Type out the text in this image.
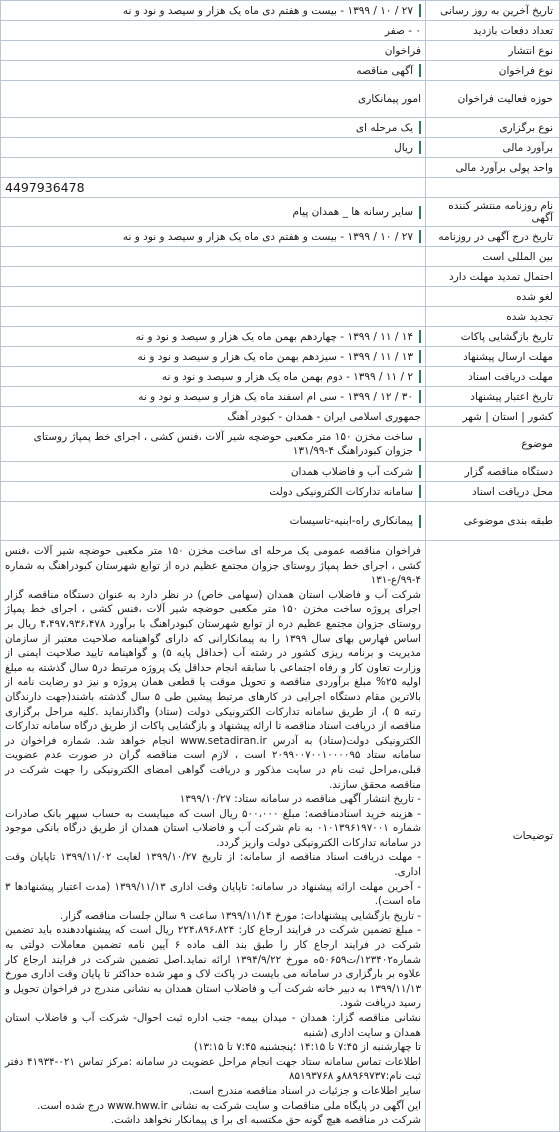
تاریخ آخرین به روز رسانی
۲۷ / ۱۰ / ۱۳۹۹ - بیست و هفتم دی ماه یک هزار و سیصد و نود و نه
تعداد دفعات بازدید
۰ - صفر
نوع انتشار
فراخوان
نوع فراخوان
آگهی مناقصه
حوزه فعالیت فراخوان
امور پیمانکاری
نوع برگزاری
یک مرحله ای
برآورد مالی
ریال
واحد پولی برآورد مالی
4497936478
نام روزنامه منتشر کننده آگهی
سایر رسانه ها _ همدان پیام
تاریخ درج آگهی در روزنامه
۲۷ / ۱۰ / ۱۳۹۹ - بیست و هفتم دی ماه یک هزار و سیصد و نود و نه
بین المللی است
احتمال تمدید مهلت دارد
لغو شده
تجدید شده
تاریخ بازگشایی پاکات
۱۴ / ۱۱ / ۱۳۹۹ - چهاردهم بهمن ماه یک هزار و سیصد و نود و نه
مهلت ارسال پیشنهاد
۱۳ / ۱۱ / ۱۳۹۹ - سیزدهم بهمن ماه یک هزار و سیصد و نود و نه
مهلت دریافت اسناد
۲ / ۱۱ / ۱۳۹۹ - دوم بهمن ماه یک هزار و سیصد و نود و نه
تاریخ اعتبار پیشنهاد
۳۰ / ۱۲ / ۱۳۹۹ - سی ام اسفند ماه یک هزار و سیصد و نود و نه
کشور | استان | شهر
جمهوری اسلامی ایران - همدان - کبودر آهنگ
موضوع
ساخت مخزن ۱۵۰ متر مکعبی حوضچه شیر آلات ،فنس کشی ، اجرای خط پمپاژ روستای جزوان کبودراهنگ ۴-۱۳۱/۹۹
دستگاه مناقصه گزار
شرکت آب و فاضلاب همدان
محل دریافت اسناد
سامانه تدارکات الکترونیکی دولت
طبقه بندی موضوعی
پیمانکاری راه-ابنیه-تاسیسات
توضیحات

فراخوان مناقصه عمومی یک مرحله ای ساخت مخزن ۱۵۰ متر مکعبی حوضچه شیر آلات ،فنس کشی ، اجرای خط پمپاژ روستای جزوان مجتمع عظیم دره از توابع شهرستان کبودراهنگ به شماره ۴-۹۹/ع-۱۳۱

شرکت آب و فاضلاب استان همدان (سهامی خاص) در نظر دارد به عنوان دستگاه مناقصه گزار اجرای پروژه ساخت مخزن ۱۵۰ متر مکعبی حوضچه شیر آلات ،فنس کشی ، اجرای خط پمپاژ روستای جزوان مجتمع عظیم دره از توابع شهرستان کبودراهنگ با برآورد ۴،۴۹۷،۹۳۶،۴۷۸ ریال بر اساس فهارس بهای سال ۱۳۹۹ را به پیمانکارانی که دارای گواهینامه صلاحیت معتبر از سازمان مدیریت و برنامه ریزی کشور در رشته آب (حداقل پایه ۵) و گواهینامه تایید صلاحیت ایمنی از وزارت تعاون کار و رفاه اجتماعی با سابقه انجام حداقل یک پروژه مرتبط در۵ سال گذشته به مبلغ اولیه ۲۵% مبلغ برآوردی مناقصه و تحویل موقت یا قطعی همان پروژه و نیز دو رضایت نامه از بالاترین مقام دستگاه اجرایی در کارهای مرتبط پیشین طی ۵ سال گذشته باشند(جهت دارندگان رتبه ۵ )، از طریق سامانه تدارکات الکترونیکی دولت (ستاد) واگذارنماید .کلیه مراحل برگزاری مناقصه از دریافت اسناد مناقصه تا ارائه پیشنهاد و بازگشایی پاکات از طریق درگاه سامانه تدارکات الکترونیکی دولت(ستاد) به آدرس www.setadiran.ir انجام خواهد شد. شماره فراخوان در سامانه ستاد ۲۰۹۹۰۰۷۰۰۱۰۰۰۰۹۵ است ، لازم است مناقصه گران در صورت عدم عضویت قبلی،مراحل ثبت نام در سایت مذکور و دریافت گواهی امضای الکترونیکی را جهت شرکت در مناقصه محقق سازند.

- تاریخ انتشار آگهی مناقصه در سامانه ستاد: ۱۳۹۹/۱۰/۲۷

- هزینه خرید اسنادمناقصه: مبلغ ۵۰۰،۰۰۰ ریال است که میبایست به حساب سپهر بانک صادرات شماره ۰۱۰۱۳۹۶۱۹۷۰۰۱ به نام شرکت آب و فاضلاب استان همدان از طریق درگاه بانکی موجود در سامانه تدارکات الکترونیکی دولت واریز گردد.

- مهلت دریافت اسناد مناقصه از سامانه: از تاریخ ۱۳۹۹/۱۰/۲۷ لغایت ۱۳۹۹/۱۱/۰۲ تاپایان وقت اداری.

- آخرین مهلت ارائه پیشنهاد در سامانه: تاپایان وقت اداری ۱۳۹۹/۱۱/۱۳ (مدت اعتبار پیشنهادها ۳ ماه است).

- تاریخ بازگشایی پیشنهادات: مورخ ۱۳۹۹/۱۱/۱۴ ساعت ۹ سالن جلسات مناقصه گزار.

- مبلغ تضمین شرکت در فرایند ارجاع کار: ۲۲۴،۸۹۶،۸۲۴ ریال است که پیشنهاددهنده باید تضمین شرکت در فرایند ارجاع کار را طبق بند الف ماده ۶ آیین نامه تضمین معاملات دولتی به شماره۱۲۳۴۰۲/ت۵۰۶۵۹ه مورخ ۱۳۹۴/۹/۲۲ ارائه نماید.اصل تضمین شرکت در فرایند ارجاع کار علاوه بر بارگزاری در سامانه می بایست در پاکت لاک و مهر شده حداکثر تا پایان وقت اداری مورخ ۱۳۹۹/۱۱/۱۳ به دبیر خانه شرکت آب و فاضلاب استان همدان به نشانی مندرج در فراخوان تحویل و رسید دریافت شود.

نشانی مناقصه گزار: همدان - میدان بیمه- جنب اداره ثبت احوال- شرکت آب و فاضلاب استان همدان و سایت اداری (شنبه

تا چهارشنبه از ۷:۴۵ تا ۱۴:۱۵ ؛پنجشنبه ۷:۴۵ تا ۱۳:۱۵)

اطلاعات تماس سامانه ستاد جهت انجام مراحل عضویت در سامانه :مرکز تماس ۰۲۱-۴۱۹۳۴ دفتر ثبت نام:۸۸۹۶۹۷۳۷و ۸۵۱۹۳۷۶۸

سایر اطلاعات و جزئیات در اسناد مناقصه مندرج است.

این آگهی در پایگاه ملی مناقصات و سایت شرکت به نشانی www.hww.ir درج شده است.

شرکت در مناقصه هیچ گونه حق مکتسبه ای برا ی پیمانکار نخواهد داشت.
